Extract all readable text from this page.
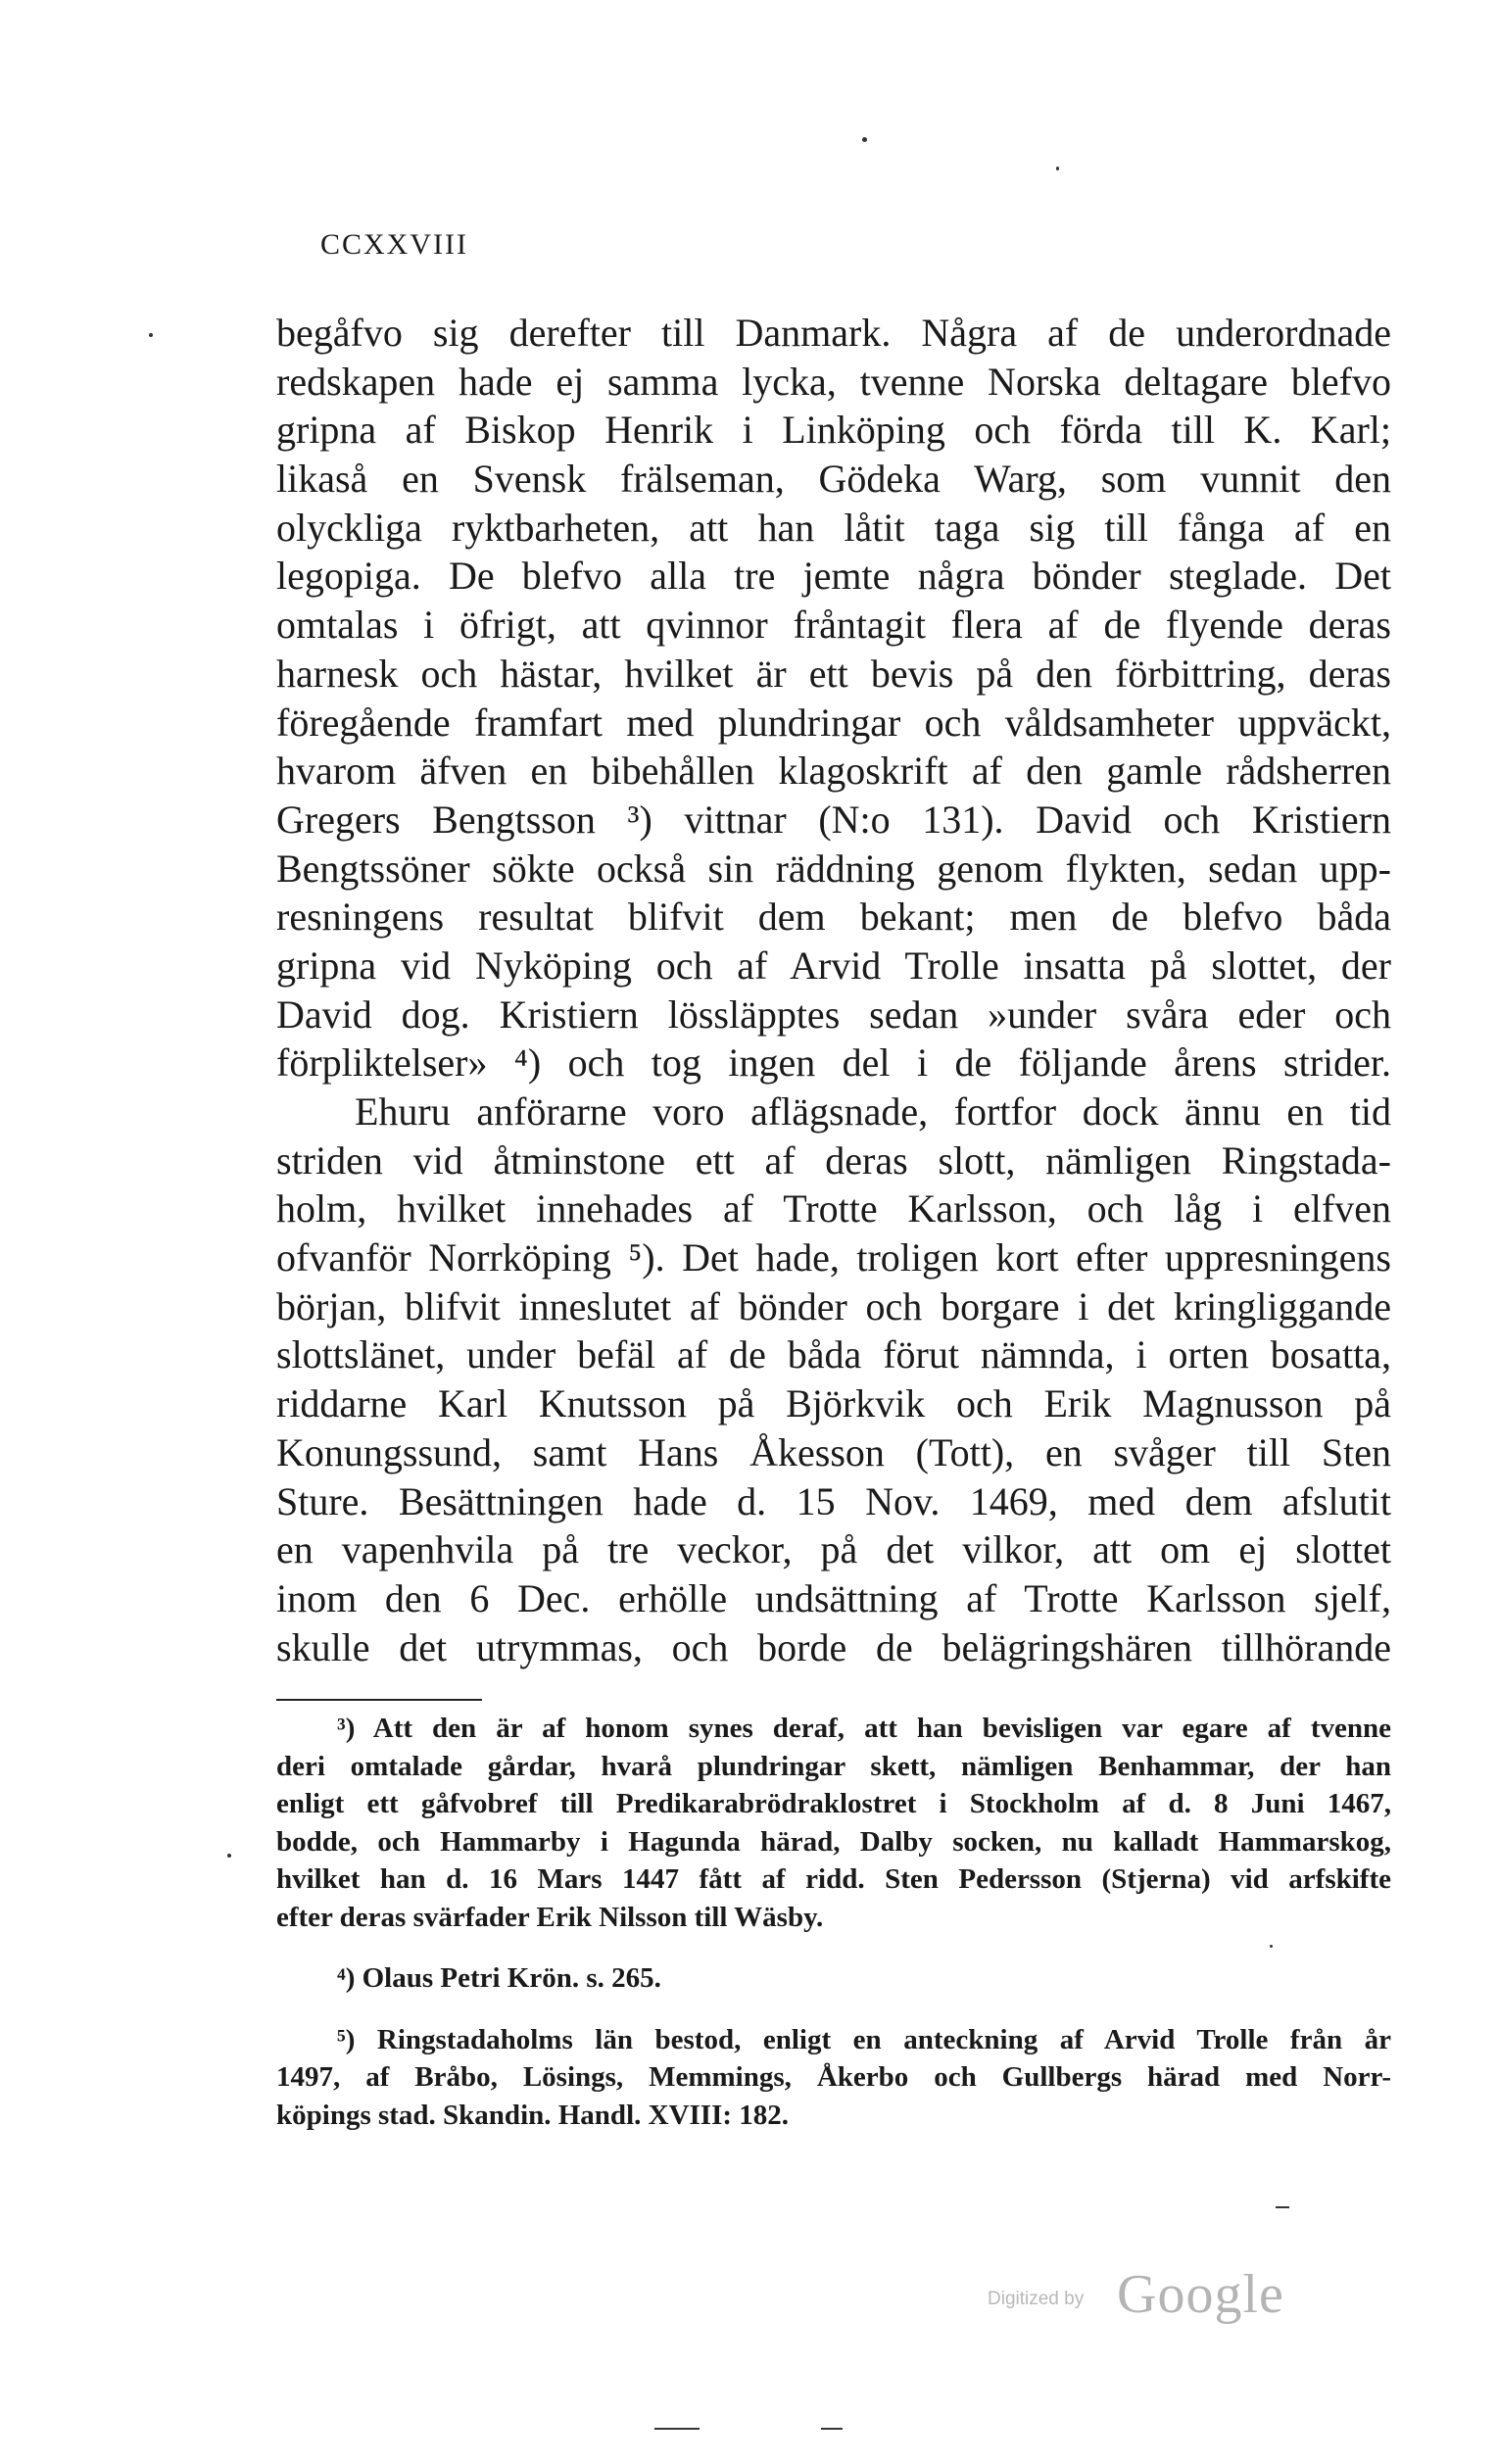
CCXXVIII
begåfvo sig derefter till Danmark. Några af de underordnade
redskapen hade ej samma lycka, tvenne Norska deltagare blefvo
gripna af Biskop Henrik i Linköping och förda till K. Karl;
likaså en Svensk frälseman, Gödeka Warg, som vunnit den
olyckliga ryktbarheten, att han låtit taga sig till fånga af en
legopiga. De blefvo alla tre jemte några bönder steglade. Det
omtalas i öfrigt, att qvinnor fråntagit flera af de flyende deras
harnesk och hästar, hvilket är ett bevis på den förbittring, deras
föregående framfart med plundringar och våldsamheter uppväckt,
hvarom äfven en bibehållen klagoskrift af den gamle rådsherren
Gregers Bengtsson ³) vittnar (N:o 131). David och Kristiern
Bengtssöner sökte också sin räddning genom flykten, sedan upp-
resningens resultat blifvit dem bekant; men de blefvo båda
gripna vid Nyköping och af Arvid Trolle insatta på slottet, der
David dog. Kristiern lössläpptes sedan »under svåra eder och
förpliktelser» ⁴) och tog ingen del i de följande årens strider.
Ehuru anförarne voro aflägsnade, fortfor dock ännu en tid
striden vid åtminstone ett af deras slott, nämligen Ringstada-
holm, hvilket innehades af Trotte Karlsson, och låg i elfven
ofvanför Norrköping ⁵). Det hade, troligen kort efter uppresningens
början, blifvit inneslutet af bönder och borgare i det kringliggande
slottslänet, under befäl af de båda förut nämnda, i orten bosatta,
riddarne Karl Knutsson på Björkvik och Erik Magnusson på
Konungssund, samt Hans Åkesson (Tott), en svåger till Sten
Sture. Besättningen hade d. 15 Nov. 1469, med dem afslutit
en vapenhvila på tre veckor, på det vilkor, att om ej slottet
inom den 6 Dec. erhölle undsättning af Trotte Karlsson sjelf,
skulle det utrymmas, och borde de belägringshären tillhörande
³) Att den är af honom synes deraf, att han bevisligen var egare af tvenne
deri omtalade gårdar, hvarå plundringar skett, nämligen Benhammar, der han
enligt ett gåfvobref till Predikarabrödraklostret i Stockholm af d. 8 Juni 1467,
bodde, och Hammarby i Hagunda härad, Dalby socken, nu kalladt Hammarskog,
hvilket han d. 16 Mars 1447 fått af ridd. Sten Pedersson (Stjerna) vid arfskifte
efter deras svärfader Erik Nilsson till Wäsby.
⁴) Olaus Petri Krön. s. 265.
⁵) Ringstadaholms län bestod, enligt en anteckning af Arvid Trolle från år
1497, af Bråbo, Lösings, Memmings, Åkerbo och Gullbergs härad med Norr-
köpings stad. Skandin. Handl. XVIII: 182.
Digitized by Google
